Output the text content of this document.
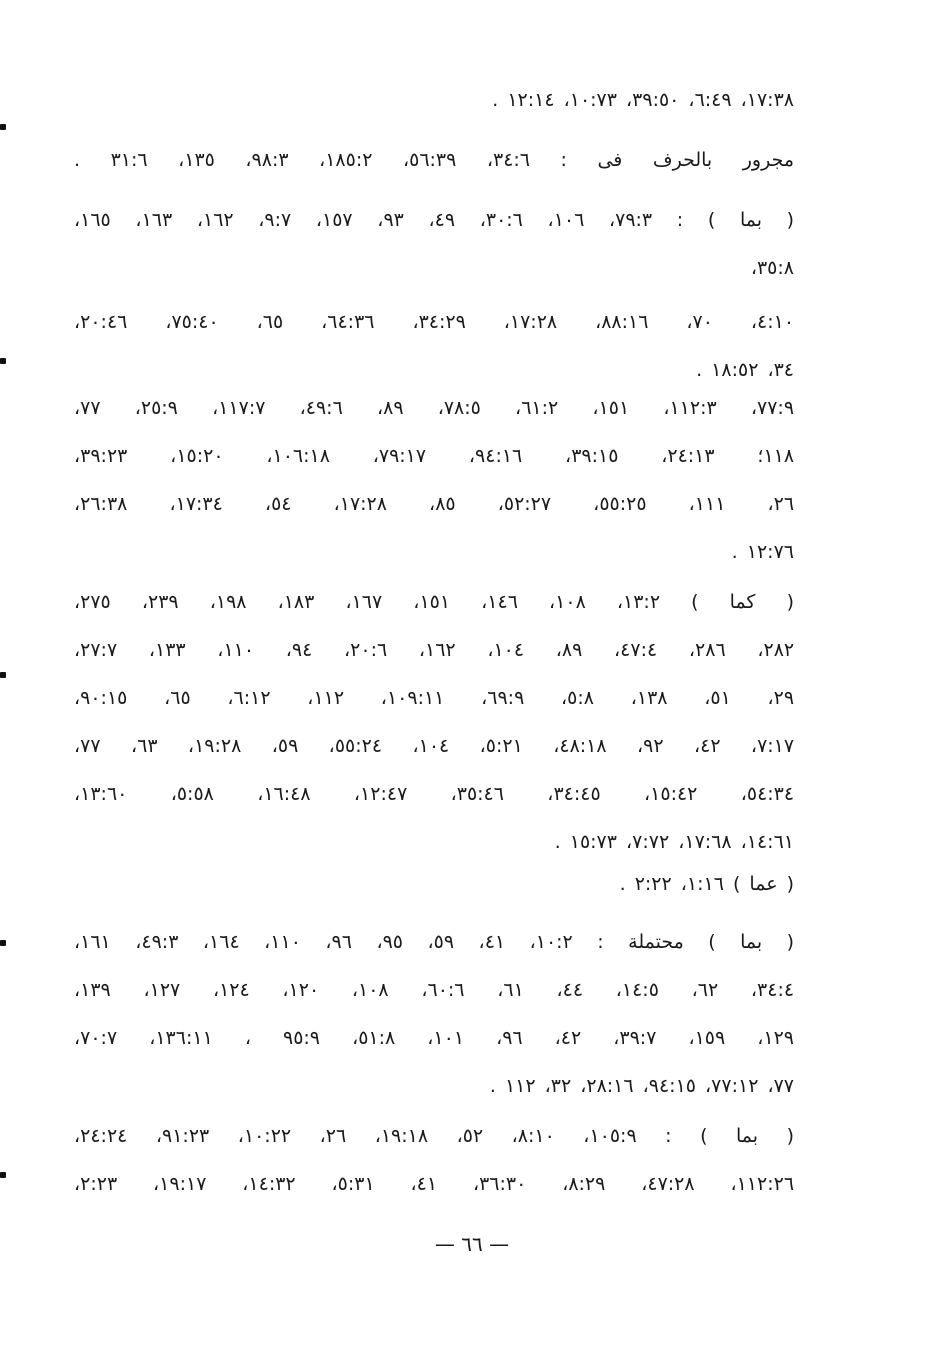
١٧:٣٨، ٦:٤٩، ٣٩:٥٠، ١٠:٧٣، ١٢:١٤ .
مجرور بالحرف فى : ٣٤:٦، ٥٦:٣٩، ١٨٥:٢، ٩٨:٣، ١٣٥، ٣١:٦ .
( بما ) : ٧٩:٣، ١٠٦، ٣٠:٦، ٤٩، ٩٣، ١٥٧، ٩:٧، ١٦٢، ١٦٣، ١٦٥،
٣٥:٨،
٤:١٠، ٧٠، ٨٨:١٦، ١٧:٢٨، ٣٤:٢٩، ٦٤:٣٦، ٦٥، ٧٥:٤٠، ٢٠:٤٦،
٣٤، ١٨:٥٢ .
٧٧:٩، ١١٢:٣، ١٥١، ٦١:٢، ٧٨:٥، ٨٩، ٤٩:٦، ١١٧:٧، ٢٥:٩، ٧٧،
١١٨؛ ٢٤:١٣، ٣٩:١٥، ٩٤:١٦، ٧٩:١٧، ١٠٦:١٨، ١٥:٢٠، ٣٩:٢٣،
٢٦، ١١١، ٥٥:٢٥، ٥٢:٢٧، ٨٥، ١٧:٢٨، ٥٤، ١٧:٣٤، ٢٦:٣٨،
١٢:٧٦ .
( كما ) ١٣:٢، ١٠٨، ١٤٦، ١٥١، ١٦٧، ١٨٣، ١٩٨، ٢٣٩، ٢٧٥،
٢٨٢، ٢٨٦، ٤٧:٤، ٨٩، ١٠٤، ١٦٢، ٢٠:٦، ٩٤، ١١٠، ١٣٣، ٢٧:٧،
٢٩، ٥١، ١٣٨، ٥:٨، ٦٩:٩، ١٠٩:١١، ١١٢، ٦:١٢، ٦٥، ٩٠:١٥،
٧:١٧، ٤٢، ٩٢، ٤٨:١٨، ٥:٢١، ١٠٤، ٥٥:٢٤، ٥٩، ١٩:٢٨، ٦٣، ٧٧،
٥٤:٣٤، ١٥:٤٢، ٣٤:٤٥، ٣٥:٤٦، ١٢:٤٧، ١٦:٤٨، ٥:٥٨، ١٣:٦٠،
١٤:٦١، ١٧:٦٨، ٧:٧٢، ١٥:٧٣ .
( عما ) ١:١٦، ٢:٢٢ .
( بما ) محتملة : ١٠:٢، ٤١، ٥٩، ٩٥، ٩٦، ١١٠، ١٦٤، ٤٩:٣، ١٦١،
٣٤:٤، ٦٢، ١٤:٥، ٤٤، ٦١، ٦٠:٦، ١٠٨، ١٢٠، ١٢٤، ١٢٧، ١٣٩،
١٢٩، ١٥٩، ٣٩:٧، ٤٢، ٩٦، ١٠١، ٥١:٨، ٩٥:٩ ، ١٣٦:١١، ٧٠:٧،
٧٧، ٧٧:١٢، ٩٤:١٥، ٢٨:١٦، ٣٢، ١١٢ .
( بما ) : ١٠٥:٩، ٨:١٠، ٥٢، ١٩:١٨، ٢٦، ١٠:٢٢، ٩١:٢٣، ٢٤:٢٤،
١١٢:٢٦، ٤٧:٢٨، ٨:٢٩، ٣٦:٣٠، ٤١، ٥:٣١، ١٤:٣٢، ١٩:١٧، ٢:٢٣،
— ٦٦ —
